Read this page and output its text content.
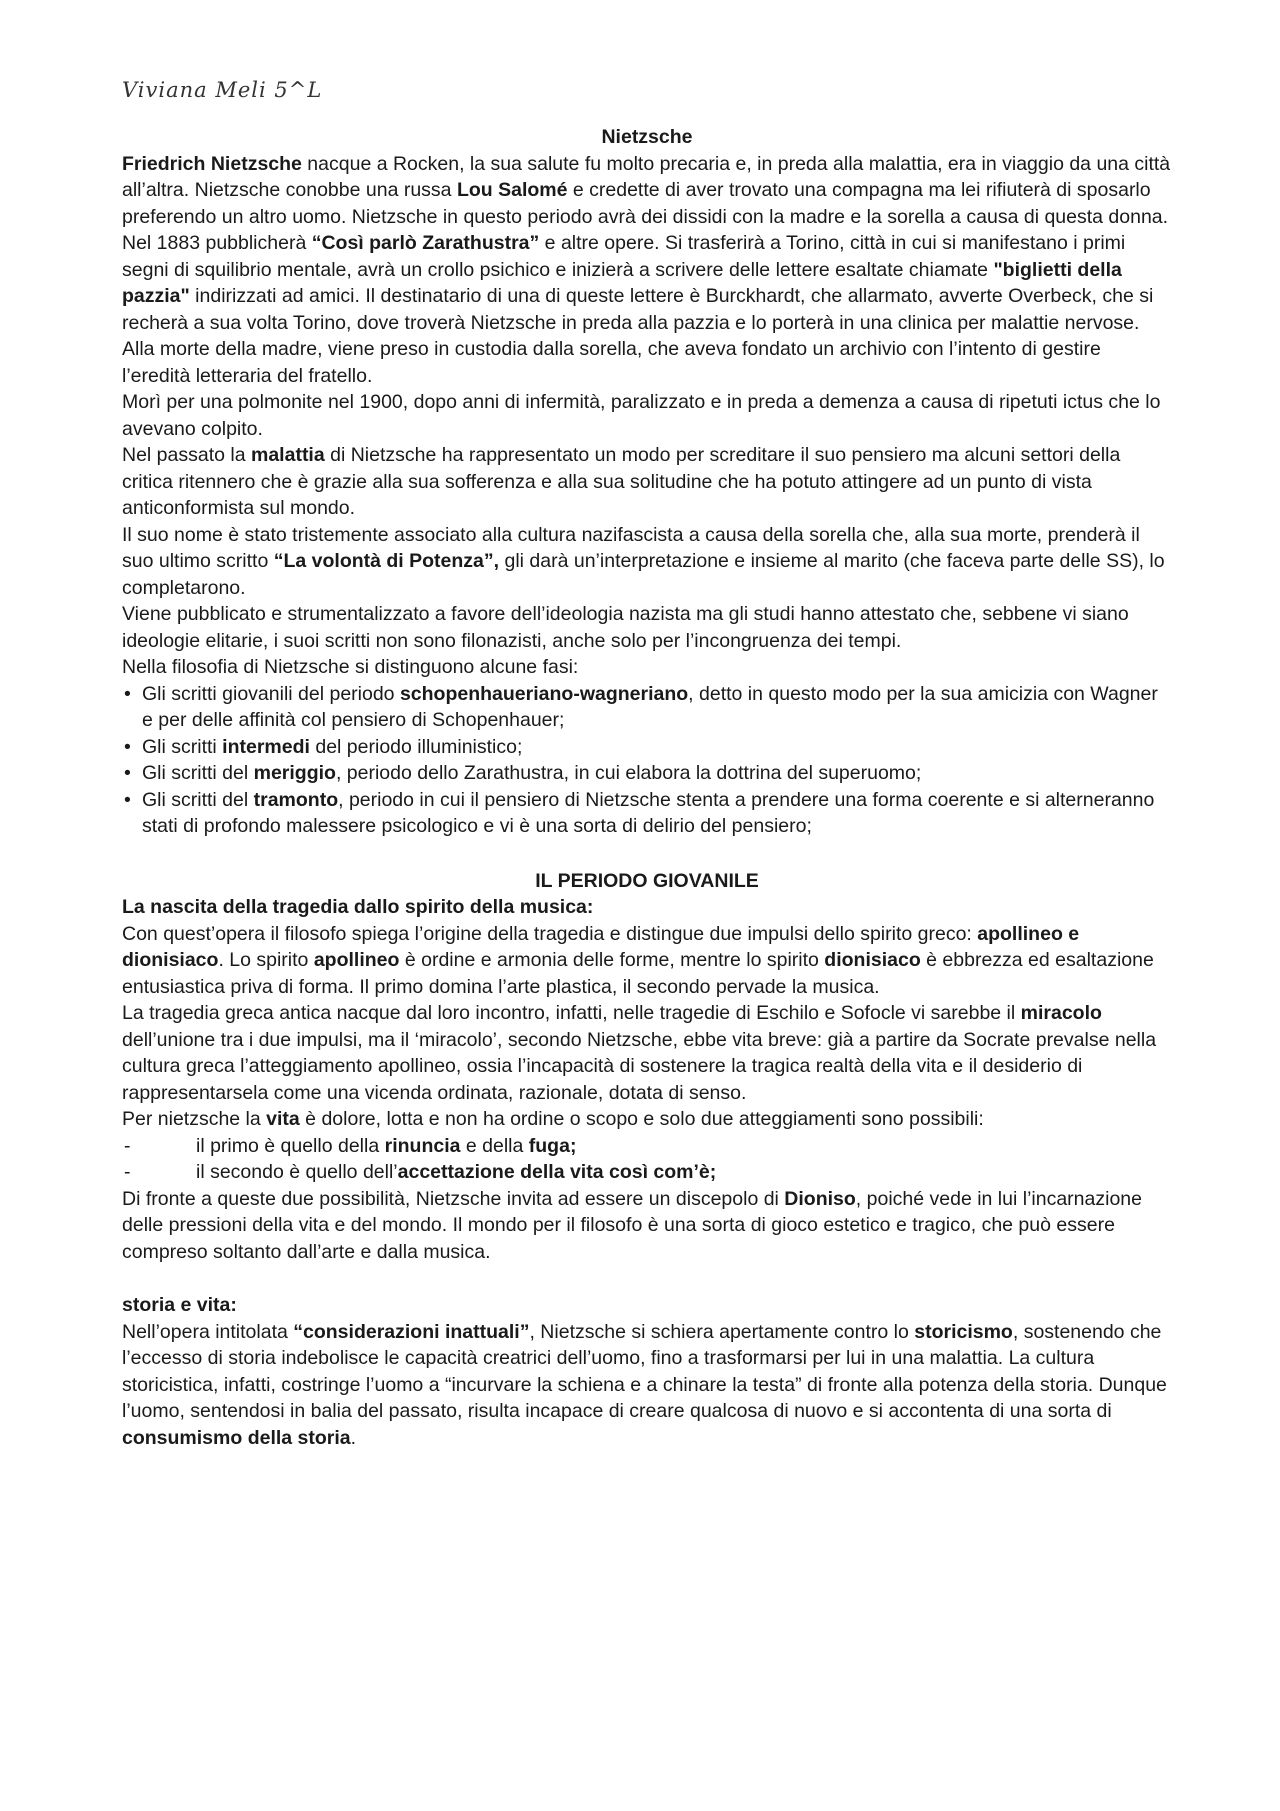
Viviana Meli 5^L

Nietzsche

Friedrich Nietzsche nacque a Rocken, la sua salute fu molto precaria e, in preda alla malattia, era in viaggio da una città all’altra. Nietzsche conobbe una russa Lou Salomé e credette di aver trovato una compagna ma lei rifiuterà di sposarlo preferendo un altro uomo. Nietzsche in questo periodo avrà dei dissidi con la madre e la sorella a causa di questa donna. Nel 1883 pubblicherà “Così parlò Zarathustra” e altre opere. Si trasferirà a Torino, città in cui si manifestano i primi segni di squilibrio mentale, avrà un crollo psichico e inizierà a scrivere delle lettere esaltate chiamate "biglietti della pazzia" indirizzati ad amici. Il destinatario di una di queste lettere è Burckhardt, che allarmato, avverte Overbeck, che si recherà a sua volta Torino, dove troverà Nietzsche in preda alla pazzia e lo porterà in una clinica per malattie nervose. Alla morte della madre, viene preso in custodia dalla sorella, che aveva fondato un archivio con l’intento di gestire l’eredità letteraria del fratello.

Morì per una polmonite nel 1900, dopo anni di infermità, paralizzato e in preda a demenza a causa di ripetuti ictus che lo avevano colpito.

Nel passato la malattia di Nietzsche ha rappresentato un modo per screditare il suo pensiero ma alcuni settori della critica ritennero che è grazie alla sua sofferenza e alla sua solitudine che ha potuto attingere ad un punto di vista anticonformista sul mondo.

Il suo nome è stato tristemente associato alla cultura nazifascista a causa della sorella che, alla sua morte, prenderà il suo ultimo scritto “La volontà di Potenza”, gli darà un’interpretazione e insieme al marito (che faceva parte delle SS), lo completarono.

Viene pubblicato e strumentalizzato a favore dell’ideologia nazista ma gli studi hanno attestato che, sebbene vi siano ideologie elitarie, i suoi scritti non sono filonazisti, anche solo per l’incongruenza dei tempi.

Nella filosofia di Nietzsche si distinguono alcune fasi:

• Gli scritti giovanili del periodo schopenhaueriano-wagneriano, detto in questo modo per la sua amicizia con Wagner e per delle affinità col pensiero di Schopenhauer;
• Gli scritti intermedi del periodo illuministico;
• Gli scritti del meriggio, periodo dello Zarathustra, in cui elabora la dottrina del superuomo;
• Gli scritti del tramonto, periodo in cui il pensiero di Nietzsche stenta a prendere una forma coerente e si alterneranno stati di profondo malessere psicologico e vi è una sorta di delirio del pensiero;

IL PERIODO GIOVANILE

La nascita della tragedia dallo spirito della musica:

Con quest’opera il filosofo spiega l’origine della tragedia e distingue due impulsi dello spirito greco: apollineo e dionisiaco. Lo spirito apollineo è ordine e armonia delle forme, mentre lo spirito dionisiaco è ebbrezza ed esaltazione entusiastica priva di forma. Il primo domina l’arte plastica, il secondo pervade la musica.

La tragedia greca antica nacque dal loro incontro, infatti, nelle tragedie di Eschilo e Sofocle vi sarebbe il miracolo dell’unione tra i due impulsi, ma il ‘miracolo’, secondo Nietzsche, ebbe vita breve: già a partire da Socrate prevalse nella cultura greca l’atteggiamento apollineo, ossia l’incapacità di sostenere la tragica realtà della vita e il desiderio di rappresentarsela come una vicenda ordinata, razionale, dotata di senso.

Per nietzsche la vita è dolore, lotta e non ha ordine o scopo e solo due atteggiamenti sono possibili:

- il primo è quello della rinuncia e della fuga;
- il secondo è quello dell’accettazione della vita così com’è;

Di fronte a queste due possibilità, Nietzsche invita ad essere un discepolo di Dioniso, poiché vede in lui l’incarnazione delle pressioni della vita e del mondo. Il mondo per il filosofo è una sorta di gioco estetico e tragico, che può essere compreso soltanto dall’arte e dalla musica.

storia e vita:

Nell’opera intitolata “considerazioni inattuali”, Nietzsche si schiera apertamente contro lo storicismo, sostenendo che l’eccesso di storia indebolisce le capacità creatrici dell’uomo, fino a trasformarsi per lui in una malattia. La cultura storicistica, infatti, costringe l’uomo a “incurvare la schiena e a chinare la testa” di fronte alla potenza della storia. Dunque l’uomo, sentendosi in balia del passato, risulta incapace di creare qualcosa di nuovo e si accontenta di una sorta di consumismo della storia.
